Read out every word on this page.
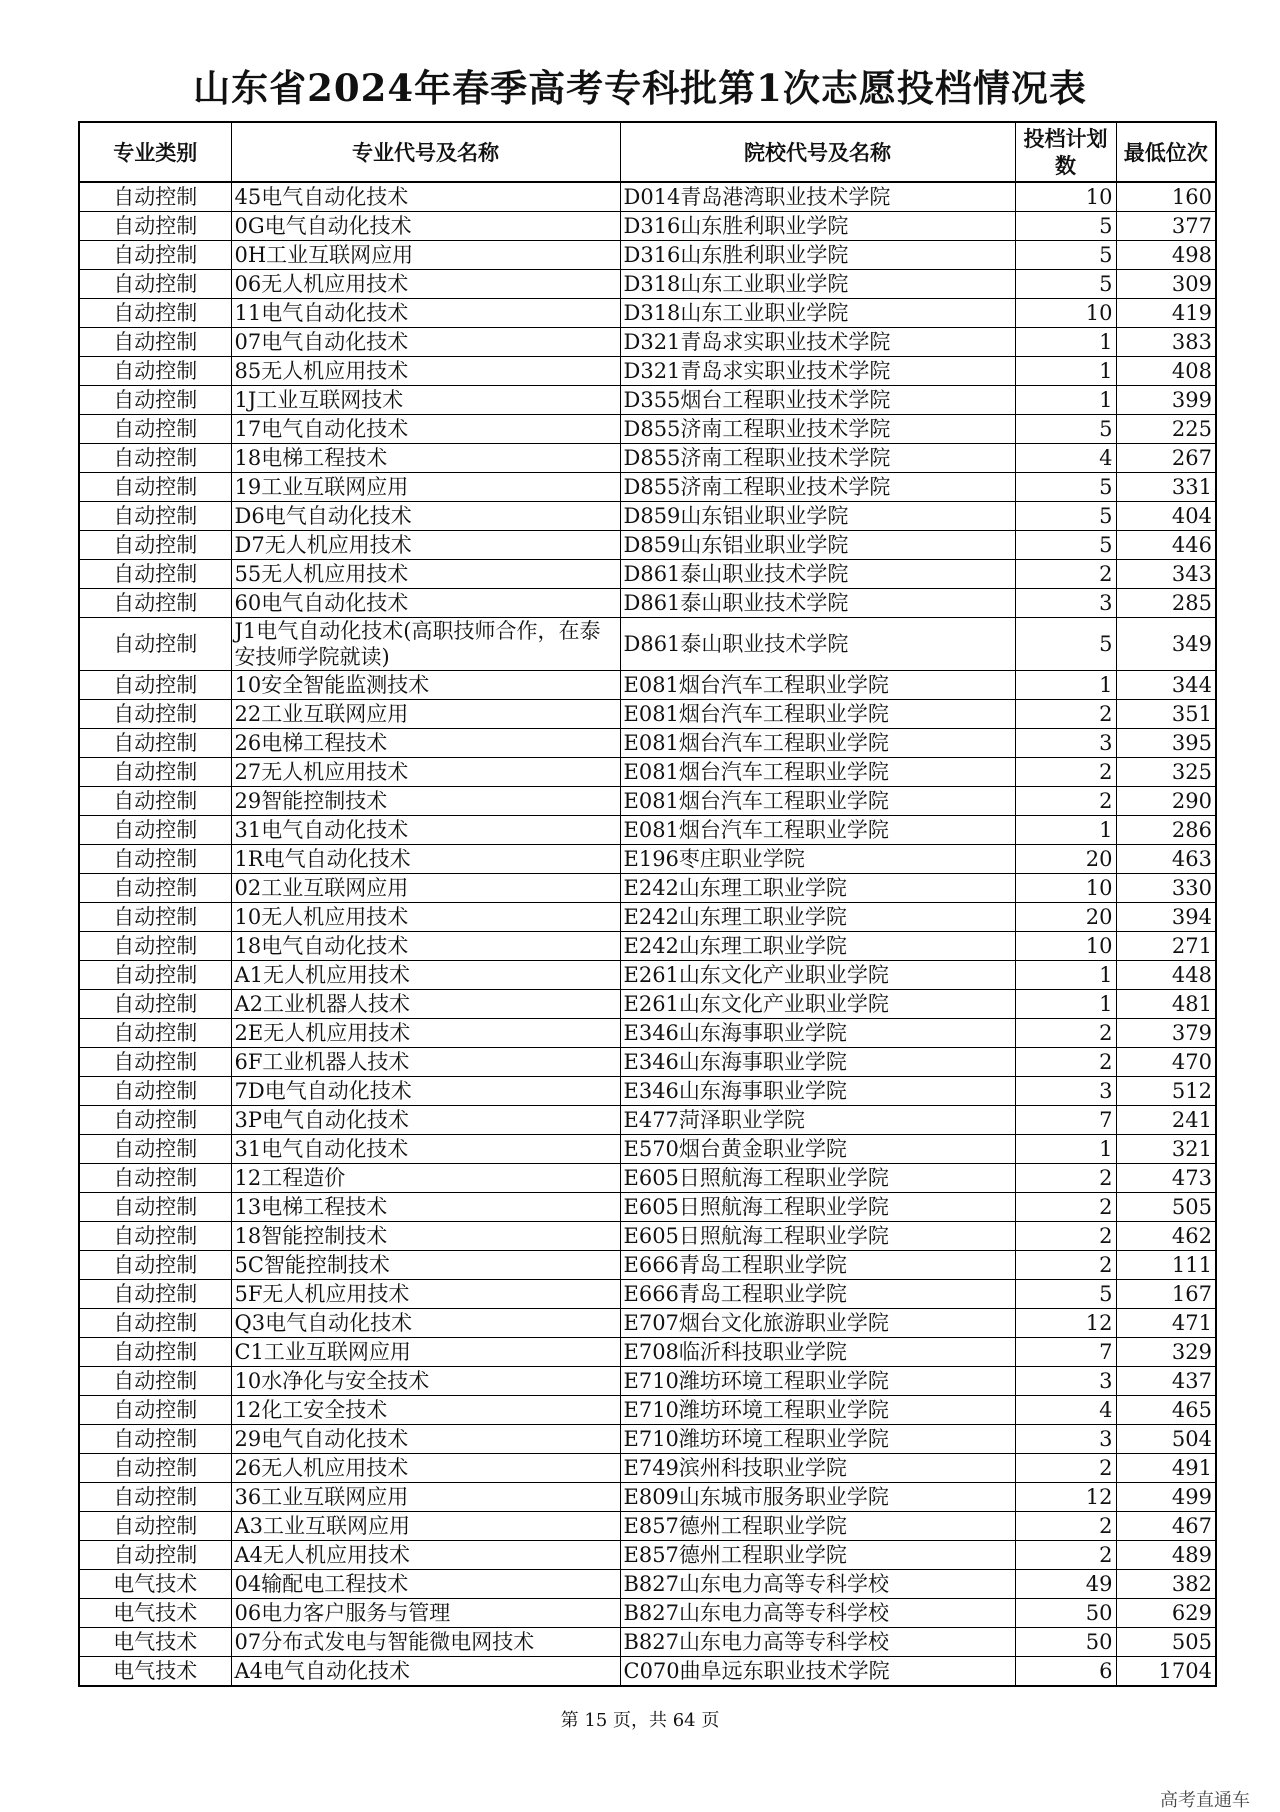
山东省2024年春季高考专科批第1次志愿投档情况表
专业类别	专业代号及名称	院校代号及名称	投档计划数	最低位次
自动控制	45电气自动化技术	D014青岛港湾职业技术学院	10	160
自动控制	0G电气自动化技术	D316山东胜利职业学院	5	377
自动控制	0H工业互联网应用	D316山东胜利职业学院	5	498
自动控制	06无人机应用技术	D318山东工业职业学院	5	309
自动控制	11电气自动化技术	D318山东工业职业学院	10	419
自动控制	07电气自动化技术	D321青岛求实职业技术学院	1	383
自动控制	85无人机应用技术	D321青岛求实职业技术学院	1	408
自动控制	1J工业互联网技术	D355烟台工程职业技术学院	1	399
自动控制	17电气自动化技术	D855济南工程职业技术学院	5	225
自动控制	18电梯工程技术	D855济南工程职业技术学院	4	267
自动控制	19工业互联网应用	D855济南工程职业技术学院	5	331
自动控制	D6电气自动化技术	D859山东铝业职业学院	5	404
自动控制	D7无人机应用技术	D859山东铝业职业学院	5	446
自动控制	55无人机应用技术	D861泰山职业技术学院	2	343
自动控制	60电气自动化技术	D861泰山职业技术学院	3	285
自动控制	J1电气自动化技术(高职技师合作，在泰安技师学院就读)	D861泰山职业技术学院	5	349
自动控制	10安全智能监测技术	E081烟台汽车工程职业学院	1	344
自动控制	22工业互联网应用	E081烟台汽车工程职业学院	2	351
自动控制	26电梯工程技术	E081烟台汽车工程职业学院	3	395
自动控制	27无人机应用技术	E081烟台汽车工程职业学院	2	325
自动控制	29智能控制技术	E081烟台汽车工程职业学院	2	290
自动控制	31电气自动化技术	E081烟台汽车工程职业学院	1	286
自动控制	1R电气自动化技术	E196枣庄职业学院	20	463
自动控制	02工业互联网应用	E242山东理工职业学院	10	330
自动控制	10无人机应用技术	E242山东理工职业学院	20	394
自动控制	18电气自动化技术	E242山东理工职业学院	10	271
自动控制	A1无人机应用技术	E261山东文化产业职业学院	1	448
自动控制	A2工业机器人技术	E261山东文化产业职业学院	1	481
自动控制	2E无人机应用技术	E346山东海事职业学院	2	379
自动控制	6F工业机器人技术	E346山东海事职业学院	2	470
自动控制	7D电气自动化技术	E346山东海事职业学院	3	512
自动控制	3P电气自动化技术	E477菏泽职业学院	7	241
自动控制	31电气自动化技术	E570烟台黄金职业学院	1	321
自动控制	12工程造价	E605日照航海工程职业学院	2	473
自动控制	13电梯工程技术	E605日照航海工程职业学院	2	505
自动控制	18智能控制技术	E605日照航海工程职业学院	2	462
自动控制	5C智能控制技术	E666青岛工程职业学院	2	111
自动控制	5F无人机应用技术	E666青岛工程职业学院	5	167
自动控制	Q3电气自动化技术	E707烟台文化旅游职业学院	12	471
自动控制	C1工业互联网应用	E708临沂科技职业学院	7	329
自动控制	10水净化与安全技术	E710潍坊环境工程职业学院	3	437
自动控制	12化工安全技术	E710潍坊环境工程职业学院	4	465
自动控制	29电气自动化技术	E710潍坊环境工程职业学院	3	504
自动控制	26无人机应用技术	E749滨州科技职业学院	2	491
自动控制	36工业互联网应用	E809山东城市服务职业学院	12	499
自动控制	A3工业互联网应用	E857德州工程职业学院	2	467
自动控制	A4无人机应用技术	E857德州工程职业学院	2	489
电气技术	04输配电工程技术	B827山东电力高等专科学校	49	382
电气技术	06电力客户服务与管理	B827山东电力高等专科学校	50	629
电气技术	07分布式发电与智能微电网技术	B827山东电力高等专科学校	50	505
电气技术	A4电气自动化技术	C070曲阜远东职业技术学院	6	1704
第 15 页，共 64 页
高考直通车
